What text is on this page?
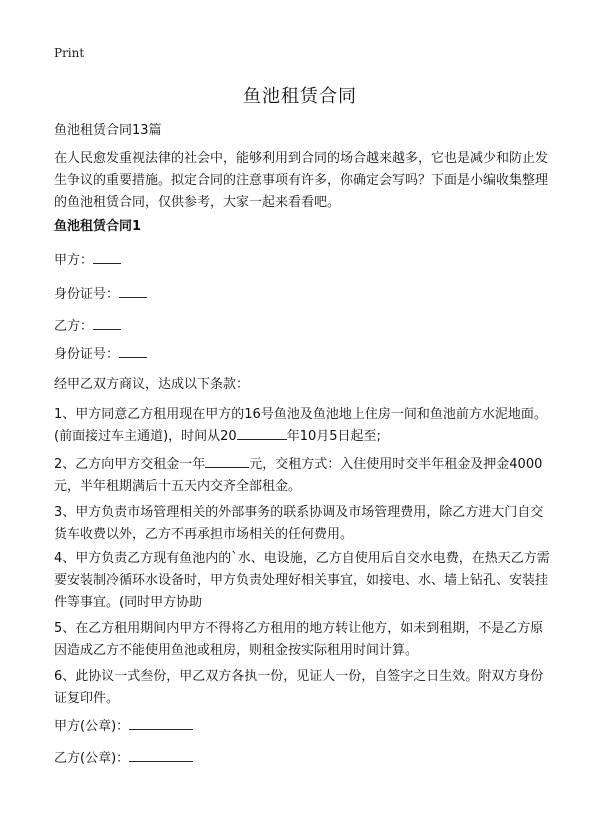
Print
鱼池租赁合同

鱼池租赁合同13篇

在人民愈发重视法律的社会中，能够利用到合同的场合越来越多，它也是减少和防止发生争议的重要措施。拟定合同的注意事项有许多，你确定会写吗？下面是小编收集整理的鱼池租赁合同，仅供参考，大家一起来看看吧。

鱼池租赁合同1

甲方：

身份证号：

乙方：

身份证号：

经甲乙双方商议，达成以下条款：

1、甲方同意乙方租用现在甲方的16号鱼池及鱼池地上住房一间和鱼池前方水泥地面。(前面接过车主通道)，时间从20	年10月5日起至;

2、乙方向甲方交租金一年	元，交租方式：入住使用时交半年租金及押金4000元，半年租期满后十五天内交齐全部租金。

3、甲方负责市场管理相关的外部事务的联系协调及市场管理费用，除乙方进大门自交货车收费以外，乙方不再承担市场相关的任何费用。

4、甲方负责乙方现有鱼池内的`水、电设施，乙方自使用后自交水电费，在热天乙方需要安装制冷循环水设备时，甲方负责处理好相关事宜，如接电、水、墙上钻孔、安装挂件等事宜。(同时甲方协助

5、在乙方租用期间内甲方不得将乙方租用的地方转让他方，如未到租期，不是乙方原因造成乙方不能使用鱼池或租房，则租金按实际租用时间计算。

6、此协议一式叁份，甲乙双方各执一份，见证人一份，自签字之日生效。附双方身份证复印件。

甲方(公章)：

乙方(公章)：
